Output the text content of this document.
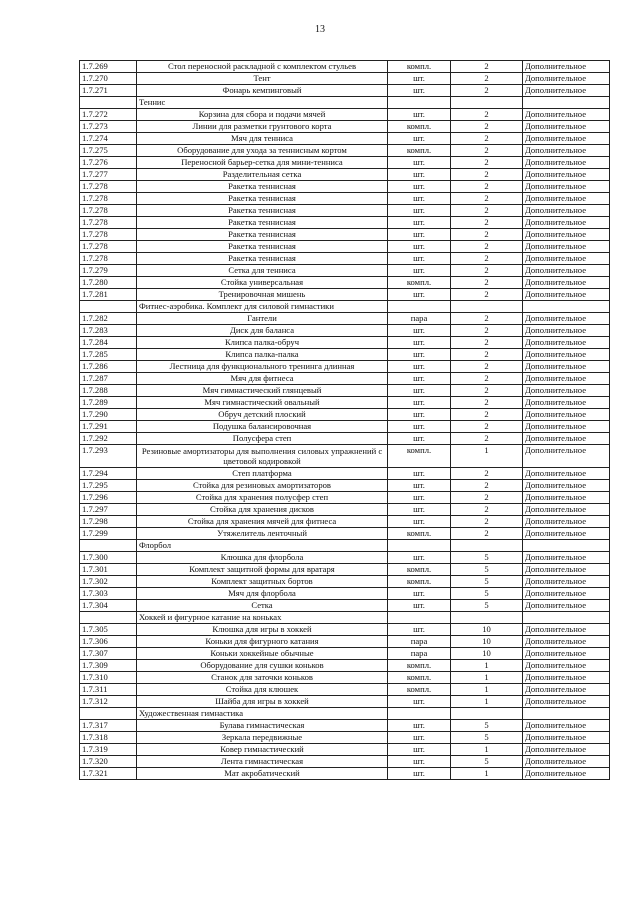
13
1.7.269	Стол переносной раскладной с комплектом стульев	компл.	2	Дополнительное
1.7.270	Тент	шт.	2	Дополнительное
1.7.271	Фонарь кемпинговый	шт.	2	Дополнительное
	Теннис			
1.7.272	Корзина для сбора и подачи мячей	шт.	2	Дополнительное
1.7.273	Линии для разметки грунтового корта	компл.	2	Дополнительное
1.7.274	Мяч для тенниса	шт.	2	Дополнительное
1.7.275	Оборудование для ухода за теннисным кортом	компл.	2	Дополнительное
1.7.276	Переносной барьер-сетка для мини-тенниса	шт.	2	Дополнительное
1.7.277	Разделительная сетка	шт.	2	Дополнительное
1.7.278	Ракетка теннисная	шт.	2	Дополнительное
1.7.278	Ракетка теннисная	шт.	2	Дополнительное
1.7.278	Ракетка теннисная	шт.	2	Дополнительное
1.7.278	Ракетка теннисная	шт.	2	Дополнительное
1.7.278	Ракетка теннисная	шт.	2	Дополнительное
1.7.278	Ракетка теннисная	шт.	2	Дополнительное
1.7.278	Ракетка теннисная	шт.	2	Дополнительное
1.7.279	Сетка для тенниса	шт.	2	Дополнительное
1.7.280	Стойка универсальная	компл.	2	Дополнительное
1.7.281	Тренировочная мишень	шт.	2	Дополнительное
	Фитнес-аэробика. Комплект для силовой гимнастики			
1.7.282	Гантели	пара	2	Дополнительное
1.7.283	Диск для баланса	шт.	2	Дополнительное
1.7.284	Клипса палка-обруч	шт.	2	Дополнительное
1.7.285	Клипса палка-палка	шт.	2	Дополнительное
1.7.286	Лестница для функционального тренинга длинная	шт.	2	Дополнительное
1.7.287	Мяч для фитнеса	шт.	2	Дополнительное
1.7.288	Мяч гимнастический глянцевый	шт.	2	Дополнительное
1.7.289	Мяч гимнастический овальный	шт.	2	Дополнительное
1.7.290	Обруч детский плоский	шт.	2	Дополнительное
1.7.291	Подушка балансировочная	шт.	2	Дополнительное
1.7.292	Полусфера степ	шт.	2	Дополнительное
1.7.293	Резиновые амортизаторы для выполнения силовых упражнений с цветовой кодировкой	компл.	1	Дополнительное
1.7.294	Степ платформа	шт.	2	Дополнительное
1.7.295	Стойка для резиновых амортизаторов	шт.	2	Дополнительное
1.7.296	Стойка для хранения полусфер степ	шт.	2	Дополнительное
1.7.297	Стойка для хранения дисков	шт.	2	Дополнительное
1.7.298	Стойка для хранения мячей для фитнеса	шт.	2	Дополнительное
1.7.299	Утяжелитель ленточный	компл.	2	Дополнительное
	Флорбол			
1.7.300	Клюшка для флорбола	шт.	5	Дополнительное
1.7.301	Комплект защитной формы для вратаря	компл.	5	Дополнительное
1.7.302	Комплект защитных бортов	компл.	5	Дополнительное
1.7.303	Мяч для флорбола	шт.	5	Дополнительное
1.7.304	Сетка	шт.	5	Дополнительное
	Хоккей и фигурное катание на коньках			
1.7.305	Клюшка для игры в хоккей	шт.	10	Дополнительное
1.7.306	Коньки для фигурного катания	пара	10	Дополнительное
1.7.307	Коньки хоккейные обычные	пара	10	Дополнительное
1.7.309	Оборудование для сушки коньков	компл.	1	Дополнительное
1.7.310	Станок для заточки коньков	компл.	1	Дополнительное
1.7.311	Стойка для клюшек	компл.	1	Дополнительное
1.7.312	Шайба для игры в хоккей	шт.	1	Дополнительное
	Художественная гимнастика			
1.7.317	Булава гимнастическая	шт.	5	Дополнительное
1.7.318	Зеркала передвижные	шт.	5	Дополнительное
1.7.319	Ковер гимнастический	шт.	1	Дополнительное
1.7.320	Лента гимнастическая	шт.	5	Дополнительное
1.7.321	Мат акробатический	шт.	1	Дополнительное
